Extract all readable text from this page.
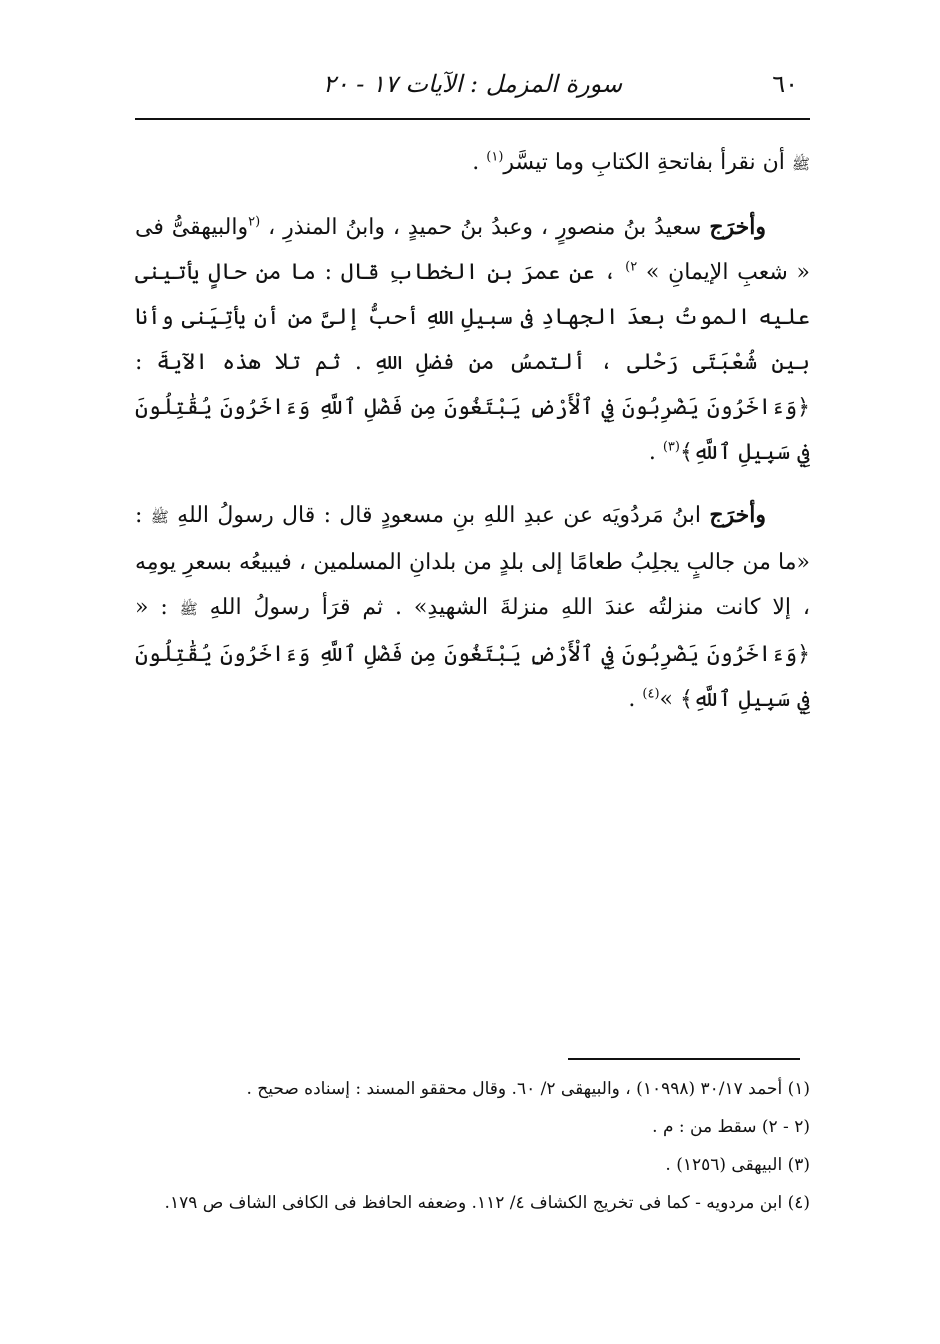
٦٠
سورة المزمل : الآيات ١٧ - ٢٠

ﷺ أن نقرأ بفاتحةِ الكتابِ وما تيسَّر$^{(١)}$ .

وأخرَج سعيدُ بنُ منصورٍ ، وعبدُ بنُ حميدٍ ، وابنُ المنذرِ ، $^{(٢}$والبيهقىُّ فى « شعبِ الإيمانِ » $^{٢)}$ ، عن عمرَ بنِ الخطابِ قال : ما من حالٍ يأتينى عليه الموتُ بعدَ الجهادِ فى سبيلِ اللهِ أحبُّ إلىَّ من أن يأتِيَنى وأنا بين شُعْبَتَى رَحْلى ، ألتمسُ من فضلِ اللهِ . ثم تلا هذه الآيةَ : ﴿وَءَاخَرُونَ يَضْرِبُونَ فِي ٱلْأَرْضِ يَبْتَغُونَ مِن فَضْلِ ٱللَّهِ وَءَاخَرُونَ يُقَٰتِلُونَ فِي سَبِيلِ ٱللَّهِ﴾$^{(٣)}$ .

وأخرَج ابنُ مَردُويَه عن عبدِ اللهِ بنِ مسعودٍ قال : قال رسولُ اللهِ ﷺ : «ما من جالبٍ يجلِبُ طعامًا إلى بلدٍ من بلدانِ المسلمين ، فيبيعُه بسعرِ يومِه ، إلا كانت منزلتُه عندَ اللهِ منزلةَ الشهيدِ» . ثم قرَأ رسولُ اللهِ ﷺ : « ﴿وَءَاخَرُونَ يَضْرِبُونَ فِي ٱلْأَرْضِ يَبْتَغُونَ مِن فَضْلِ ٱللَّهِ وَءَاخَرُونَ يُقَٰتِلُونَ فِي سَبِيلِ ٱللَّهِ﴾ »$^{(٤)}$ .

(١) أحمد ٣٠/١٧ (١٠٩٩٨) ، والبيهقى ٢/ ٦٠. وقال محققو المسند : إسناده صحيح .

(٢ - ٢) سقط من : م .

(٣) البيهقى (١٢٥٦) .

(٤) ابن مردويه - كما فى تخريج الكشاف ٤/ ١١٢. وضعفه الحافظ فى الكافى الشاف ص ١٧٩.
